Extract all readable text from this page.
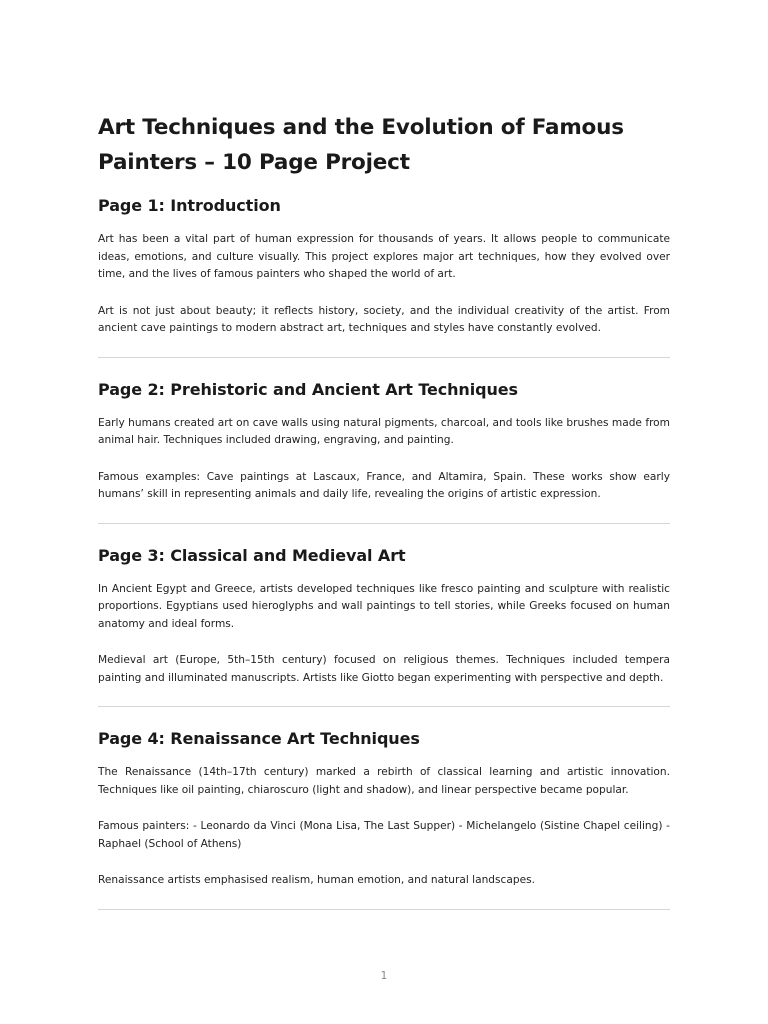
Art Techniques and the Evolution of Famous Painters – 10 Page Project
Page 1: Introduction

Art has been a vital part of human expression for thousands of years. It allows people to communicate ideas, emotions, and culture visually. This project explores major art techniques, how they evolved over time, and the lives of famous painters who shaped the world of art.

Art is not just about beauty; it reflects history, society, and the individual creativity of the artist. From ancient cave paintings to modern abstract art, techniques and styles have constantly evolved.

Page 2: Prehistoric and Ancient Art Techniques

Early humans created art on cave walls using natural pigments, charcoal, and tools like brushes made from animal hair. Techniques included drawing, engraving, and painting.

Famous examples: Cave paintings at Lascaux, France, and Altamira, Spain. These works show early humans’ skill in representing animals and daily life, revealing the origins of artistic expression.

Page 3: Classical and Medieval Art

In Ancient Egypt and Greece, artists developed techniques like fresco painting and sculpture with realistic proportions. Egyptians used hieroglyphs and wall paintings to tell stories, while Greeks focused on human anatomy and ideal forms.

Medieval art (Europe, 5th–15th century) focused on religious themes. Techniques included tempera painting and illuminated manuscripts. Artists like Giotto began experimenting with perspective and depth.

Page 4: Renaissance Art Techniques

The Renaissance (14th–17th century) marked a rebirth of classical learning and artistic innovation. Techniques like oil painting, chiaroscuro (light and shadow), and linear perspective became popular.

Famous painters: - Leonardo da Vinci (Mona Lisa, The Last Supper) - Michelangelo (Sistine Chapel ceiling) - Raphael (School of Athens)

Renaissance artists emphasised realism, human emotion, and natural landscapes.

1
